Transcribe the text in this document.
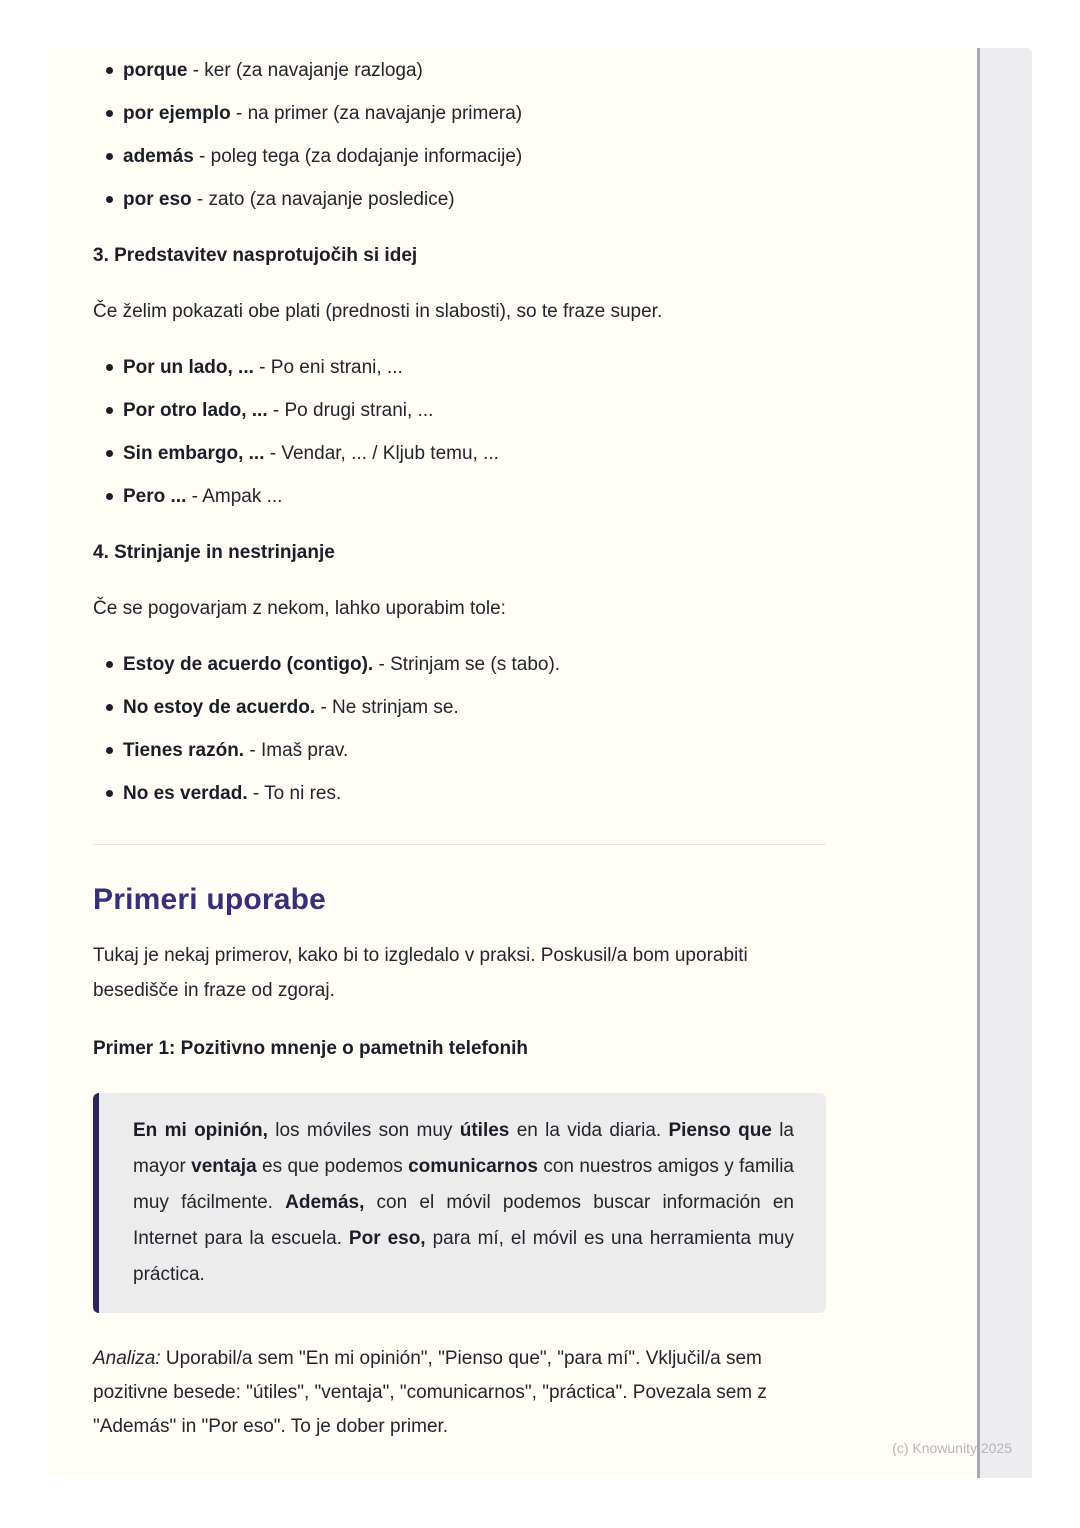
porque - ker (za navajanje razloga)
por ejemplo - na primer (za navajanje primera)
además - poleg tega (za dodajanje informacije)
por eso - zato (za navajanje posledice)
3. Predstavitev nasprotujočih si idej

Če želim pokazati obe plati (prednosti in slabosti), so te fraze super.

Por un lado, ... - Po eni strani, ...
Por otro lado, ... - Po drugi strani, ...
Sin embargo, ... - Vendar, ... / Kljub temu, ...
Pero ... - Ampak ...
4. Strinjanje in nestrinjanje

Če se pogovarjam z nekom, lahko uporabim tole:

Estoy de acuerdo (contigo). - Strinjam se (s tabo).
No estoy de acuerdo. - Ne strinjam se.
Tienes razón. - Imaš prav.
No es verdad. - To ni res.
Primeri uporabe

Tukaj je nekaj primerov, kako bi to izgledalo v praksi. Poskusil/a bom uporabiti besedišče in fraze od zgoraj.

Primer 1: Pozitivno mnenje o pametnih telefonih

En mi opinión, los móviles son muy útiles en la vida diaria. Pienso que la mayor ventaja es que podemos comunicarnos con nuestros amigos y familia muy fácilmente. Además, con el móvil podemos buscar información en Internet para la escuela. Por eso, para mí, el móvil es una herramienta muy práctica.

Analiza: Uporabil/a sem "En mi opinión", "Pienso que", "para mí". Vključil/a sem pozitivne besede: "útiles", "ventaja", "comunicarnos", "práctica". Povezala sem z "Además" in "Por eso". To je dober primer.

(c) Knowunity 2025
